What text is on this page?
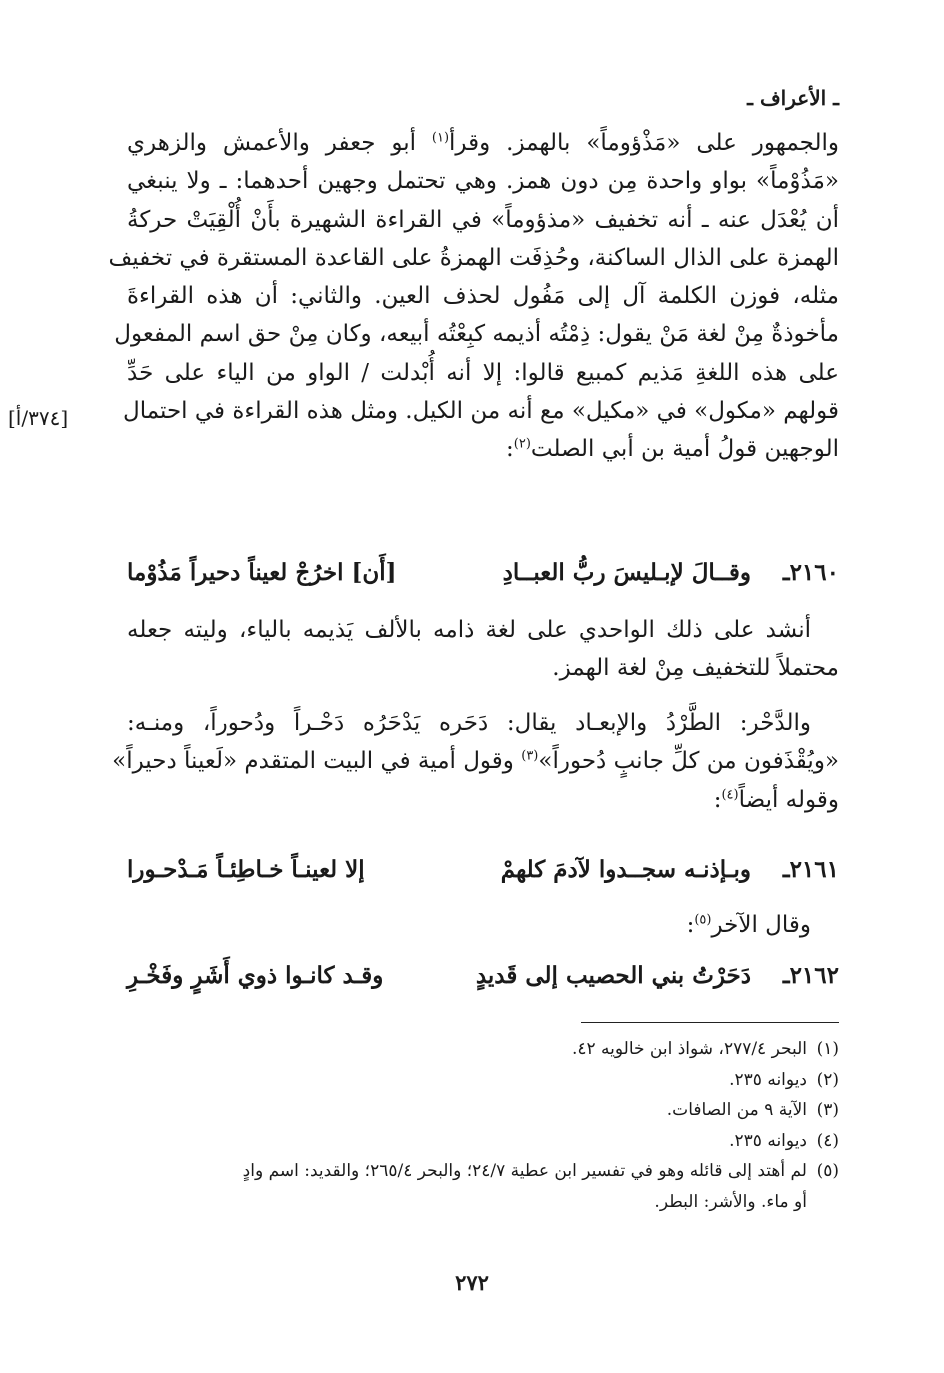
ـ الأعراف ـ
والجمهور على «مَذْؤوماً» بالهمز. وقرأ$^{(١)}$ أبو جعفر والأعمش والزهري
«مَذُوْماً» بواو واحدة مِن دون همز. وهي تحتمل وجهين أحدهما: ـ ولا ينبغي
أن يُعْدَل عنه ـ أنه تخفيف «مذؤوماً» في القراءة الشهيرة بأَنْ أُلْقِيَتْ حركةُ
الهمزة على الذال الساكنة، وحُذِفَت الهمزةُ على القاعدة المستقرة في تخفيف
مثله، فوزن الكلمة آل إلى مَفُول لحذف العين. والثاني: أن هذه القراءةَ
مأخوذةٌ مِنْ لغة مَنْ يقول: ذِمْتُه أذيمه كبِعْتُه أبيعه، وكان مِنْ حق اسم المفعول
على هذه اللغةِ مَذيم كمبيع قالوا: إلا أنه أُبْدلت / الواو من الياء على حَدِّ
قولهم «مكول» في «مكيل» مع أنه من الكيل. ومثل هذه القراءة في احتمال
الوجهين قولُ أمية بن أبي الصلت$^{(٢)}$:
[٣٧٤/أ]
٢١٦٠ـ
وقــالَ لإبـليسَ ربُّ العبــادِ
[أَن] اخرُجْ لعيناً دحيراً مَذُوْما
أنشد على ذلك الواحدي على لغة ذامه بالألف يَذيمه بالياء، وليته جعله
محتملاً للتخفيف مِنْ لغة الهمز.
والدَّحْر: الطَّرْدُ والإبعـاد يقال: دَحَره يَدْحَرُه دَحْـراً ودُحوراً، ومنـه:
«ويُقْذَفون من كلِّ جانبٍ دُحوراً»$^{(٣)}$ وقول أمية في البيت المتقدم «لَعيناً دحيراً»
وقوله أيضاً$^{(٤)}$:
٢١٦١ـ
وبـإذنـه سجــدوا لآدمَ كلهمْ
إلا لعينـاً خـاطِئـاً مَـدْحـورا
وقال الآخر$^{(٥)}$:
٢١٦٢ـ
دَحَرْتُ بني الحصيب إلى قَديدٍ
وقـد كانـوا ذوي أَشَرٍ وفَخْـرِ
(١)البحر ٢٧٧/٤، شواذ ابن خالويه ٤٢.
(٢)ديوانه ٢٣٥.
(٣)الآية ٩ من الصافات.
(٤)ديوانه ٢٣٥.
(٥)لم أهتد إلى قائله وهو في تفسير ابن عطية ٢٤/٧؛ والبحر ٢٦٥/٤؛ والقديد: اسم وادٍ
أو ماء. والأشر: البطر.
٢٧٢
